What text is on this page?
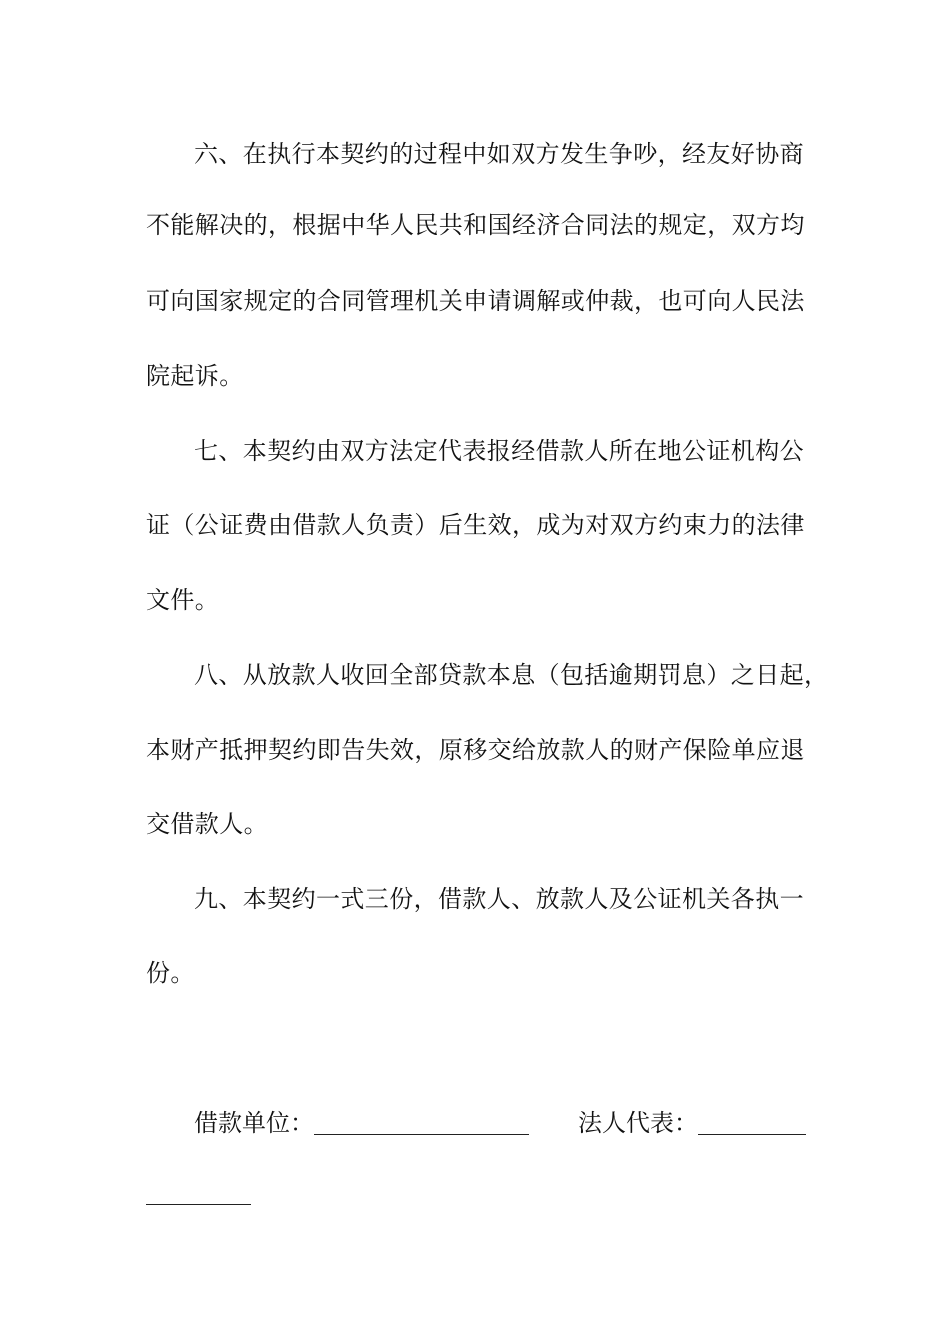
六、在执行本契约的过程中如双方发生争吵，经友好协商
不能解决的，根据中华人民共和国经济合同法的规定，双方均
可向国家规定的合同管理机关申请调解或仲裁，也可向人民法
院起诉。
七、本契约由双方法定代表报经借款人所在地公证机构公
证（公证费由借款人负责）后生效，成为对双方约束力的法律
文件。
八、从放款人收回全部贷款本息（包括逾期罚息）之日起，
本财产抵押契约即告失效，原移交给放款人的财产保险单应退
交借款人。
九、本契约一式三份，借款人、放款人及公证机关各执一
份。
借款单位：	法人代表：
